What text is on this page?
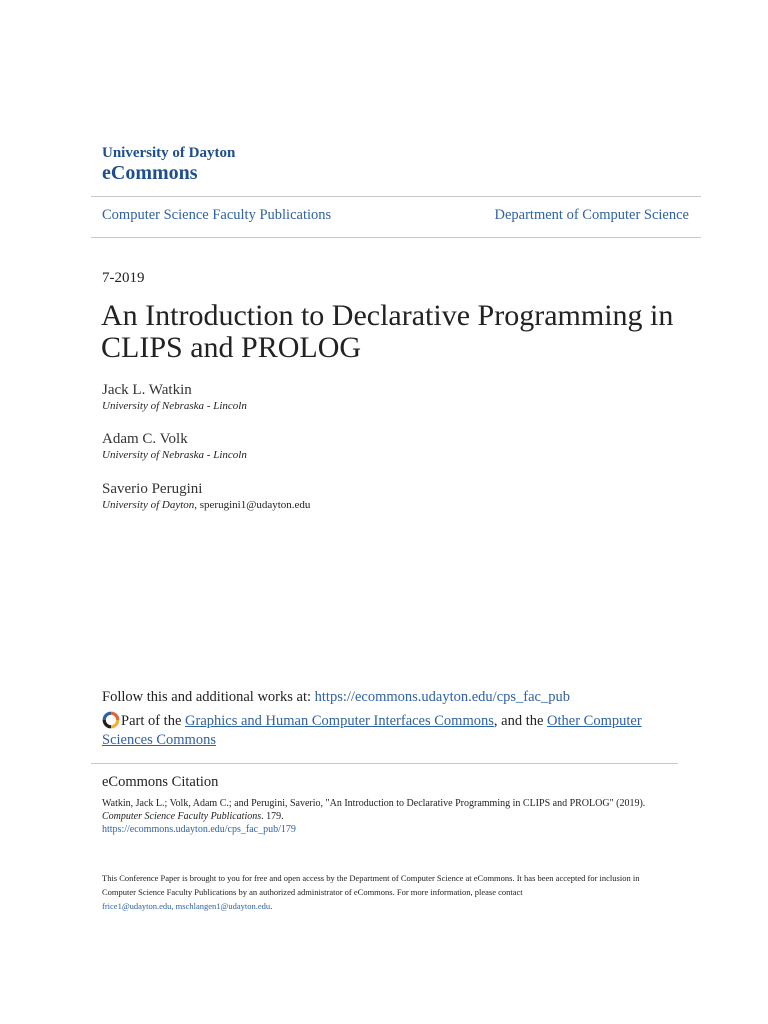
University of Dayton
eCommons
Computer Science Faculty Publications	Department of Computer Science
7-2019
An Introduction to Declarative Programming in CLIPS and PROLOG
Jack L. Watkin
University of Nebraska - Lincoln
Adam C. Volk
University of Nebraska - Lincoln
Saverio Perugini
University of Dayton, sperugini1@udayton.edu
Follow this and additional works at: https://ecommons.udayton.edu/cps_fac_pub
Part of the Graphics and Human Computer Interfaces Commons, and the Other Computer Sciences Commons
eCommons Citation
Watkin, Jack L.; Volk, Adam C.; and Perugini, Saverio, "An Introduction to Declarative Programming in CLIPS and PROLOG" (2019). Computer Science Faculty Publications. 179.
https://ecommons.udayton.edu/cps_fac_pub/179
This Conference Paper is brought to you for free and open access by the Department of Computer Science at eCommons. It has been accepted for inclusion in Computer Science Faculty Publications by an authorized administrator of eCommons. For more information, please contact
frice1@udayton.edu, mschlangen1@udayton.edu.
